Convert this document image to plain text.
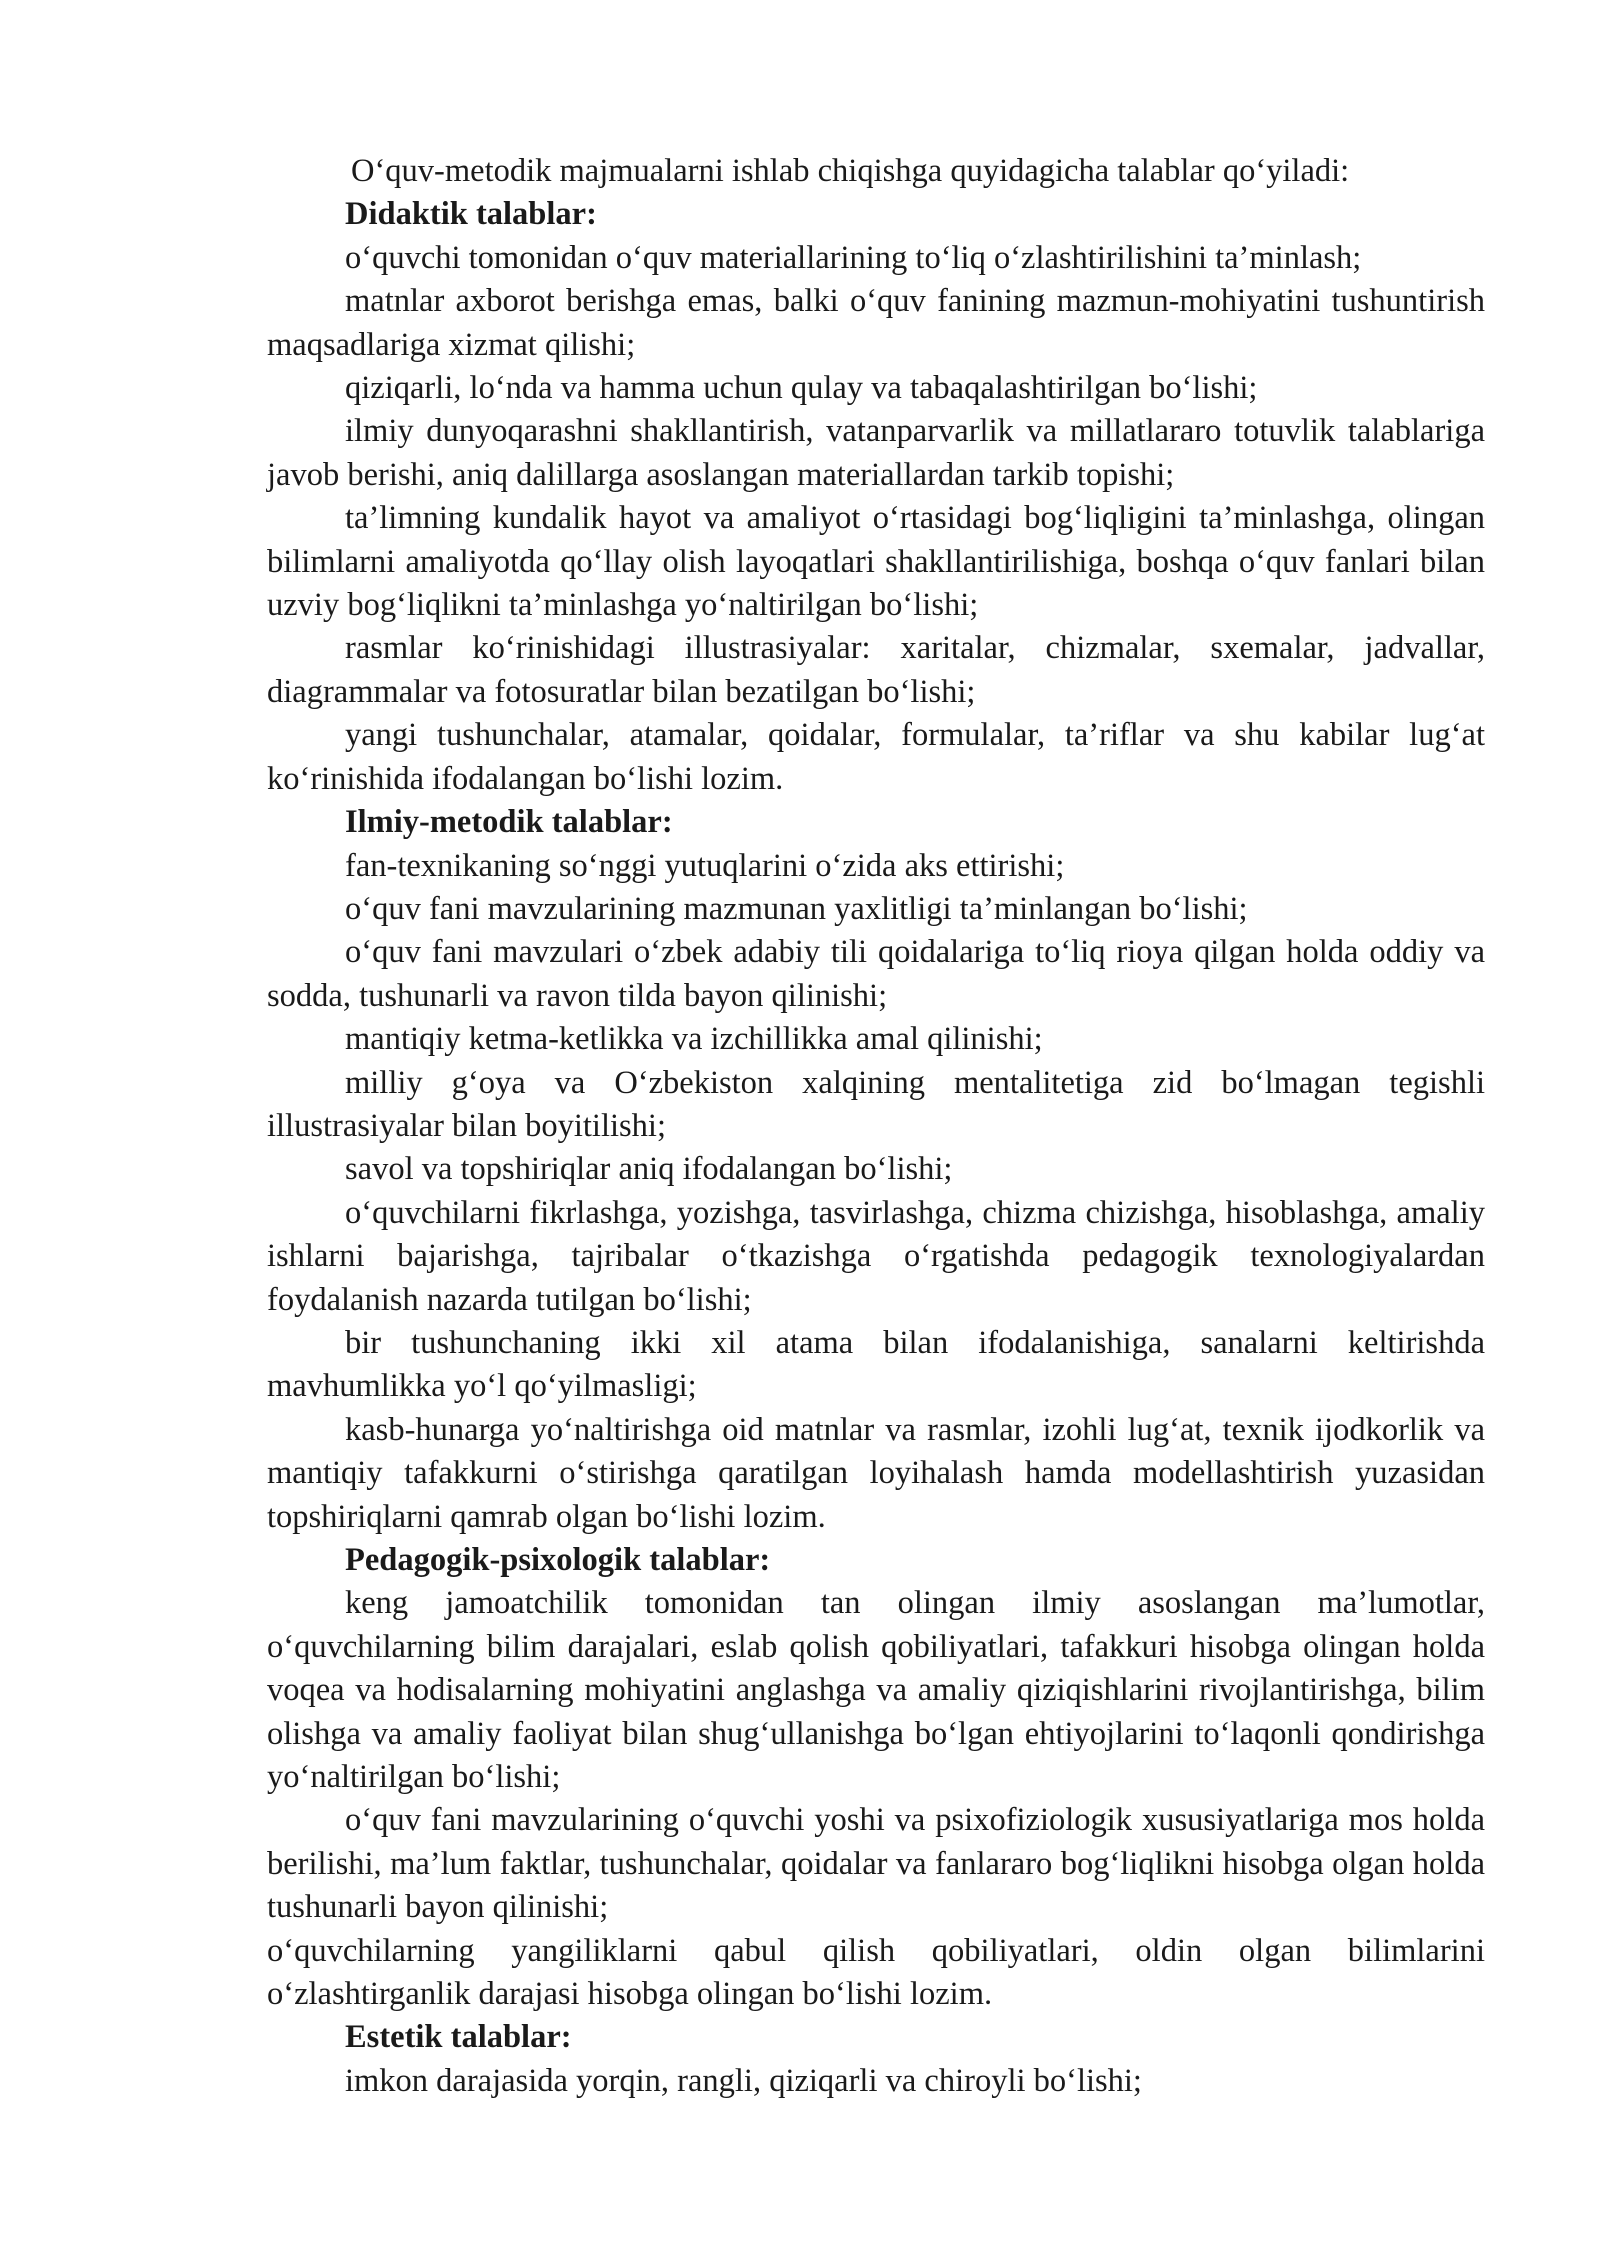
Oʻquv-metodik majmualarni ishlab chiqishga quyidagicha talablar qoʻyiladi:

Didaktik talablar:

oʻquvchi tomonidan oʻquv materiallarining toʻliq oʻzlashtirilishini ta’minlash;

matnlar axborot berishga emas, balki oʻquv fanining mazmun-mohiyatini tushuntirish maqsadlariga xizmat qilishi;

qiziqarli, loʻnda va hamma uchun qulay va tabaqalashtirilgan boʻlishi;

ilmiy dunyoqarashni shakllantirish, vatanparvarlik va millatlararo totuvlik talablariga javob berishi, aniq dalillarga asoslangan materiallardan tarkib topishi;

ta’limning kundalik hayot va amaliyot oʻrtasidagi bogʻliqligini ta’minlashga, olingan bilimlarni amaliyotda qoʻllay olish layoqatlari shakllantirilishiga, boshqa oʻquv fanlari bilan uzviy bogʻliqlikni ta’minlashga yoʻnaltirilgan boʻlishi;

rasmlar koʻrinishidagi illustrasiyalar: xaritalar, chizmalar, sxemalar, jadvallar, diagrammalar va fotosuratlar bilan bezatilgan boʻlishi;

yangi tushunchalar, atamalar, qoidalar, formulalar, ta’riflar va shu kabilar lugʻat koʻrinishida ifodalangan boʻlishi lozim.

Ilmiy-metodik talablar:

fan-texnikaning soʻnggi yutuqlarini oʻzida aks ettirishi;

oʻquv fani mavzularining mazmunan yaxlitligi ta’minlangan boʻlishi;

oʻquv fani mavzulari oʻzbek adabiy tili qoidalariga toʻliq rioya qilgan holda oddiy va sodda, tushunarli va ravon tilda bayon qilinishi;

mantiqiy ketma-ketlikka va izchillikka amal qilinishi;

milliy gʻoya va Oʻzbekiston xalqining mentalitetiga zid boʻlmagan tegishli illustrasiyalar bilan boyitilishi;

savol va topshiriqlar aniq ifodalangan boʻlishi;

oʻquvchilarni fikrlashga, yozishga, tasvirlashga, chizma chizishga, hisoblashga, amaliy ishlarni bajarishga, tajribalar oʻtkazishga oʻrgatishda pedagogik texnologiyalardan foydalanish nazarda tutilgan boʻlishi;

bir tushunchaning ikki xil atama bilan ifodalanishiga, sanalarni keltirishda mavhumlikka yoʻl qoʻyilmasligi;

kasb-hunarga yoʻnaltirishga oid matnlar va rasmlar, izohli lugʻat, texnik ijodkorlik va mantiqiy tafakkurni oʻstirishga qaratilgan loyihalash hamda modellashtirish yuzasidan topshiriqlarni qamrab olgan boʻlishi lozim.

Pedagogik-psixologik talablar:

keng jamoatchilik tomonidan tan olingan ilmiy asoslangan ma’lumotlar, oʻquvchilarning bilim darajalari, eslab qolish qobiliyatlari, tafakkuri hisobga olingan holda voqea va hodisalarning mohiyatini anglashga va amaliy qiziqishlarini rivojlantirishga, bilim olishga va amaliy faoliyat bilan shugʻullanishga boʻlgan ehtiyojlarini toʻlaqonli qondirishga yoʻnaltirilgan boʻlishi;

oʻquv fani mavzularining oʻquvchi yoshi va psixofiziologik xususiyatlariga mos holda berilishi, ma’lum faktlar, tushunchalar, qoidalar va fanlararo bogʻliqlikni hisobga olgan holda tushunarli bayon qilinishi;

oʻquvchilarning yangiliklarni qabul qilish qobiliyatlari, oldin olgan bilimlarini oʻzlashtirganlik darajasi hisobga olingan boʻlishi lozim.

Estetik talablar:

imkon darajasida yorqin, rangli, qiziqarli va chiroyli boʻlishi;
